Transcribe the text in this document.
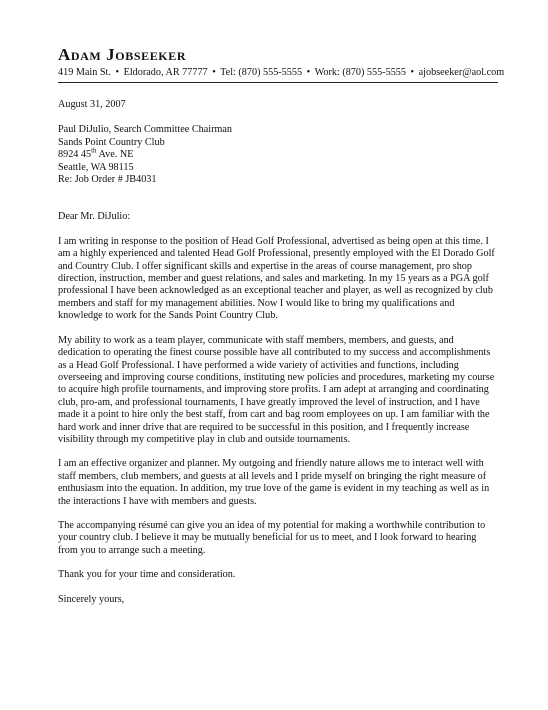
Adam Jobseeker
419 Main St. • Eldorado, AR 77777 • Tel: (870) 555-5555 • Work: (870) 555-5555 • ajobseeker@aol.com

August 31, 2007

Paul DiJulio, Search Committee Chairman
Sands Point Country Club
8924 45th Ave. NE
Seattle, WA 98115
Re: Job Order # JB4031

Dear Mr. DiJulio:

I am writing in response to the position of Head Golf Professional, advertised as being open at this time. I am a highly experienced and talented Head Golf Professional, presently employed with the El Dorado Golf and Country Club. I offer significant skills and expertise in the areas of course management, pro shop direction, instruction, member and guest relations, and sales and marketing. In my 15 years as a PGA golf professional I have been acknowledged as an exceptional teacher and player, as well as recognized by club members and staff for my management abilities. Now I would like to bring my qualifications and knowledge to work for the Sands Point Country Club.

My ability to work as a team player, communicate with staff members, members, and guests, and dedication to operating the finest course possible have all contributed to my success and accomplishments as a Head Golf Professional. I have performed a wide variety of activities and functions, including overseeing and improving course conditions, instituting new policies and procedures, marketing my course to acquire high profile tournaments, and improving store profits. I am adept at arranging and coordinating club, pro-am, and professional tournaments, I have greatly improved the level of instruction, and I have made it a point to hire only the best staff, from cart and bag room employees on up. I am familiar with the hard work and inner drive that are required to be successful in this position, and I frequently increase visibility through my competitive play in club and outside tournaments.

I am an effective organizer and planner. My outgoing and friendly nature allows me to interact well with staff members, club members, and guests at all levels and I pride myself on bringing the right measure of enthusiasm into the equation. In addition, my true love of the game is evident in my teaching as well as in the interactions I have with members and guests.

The accompanying résumé can give you an idea of my potential for making a worthwhile contribution to your country club. I believe it may be mutually beneficial for us to meet, and I look forward to hearing from you to arrange such a meeting.

Thank you for your time and consideration.

Sincerely yours,
